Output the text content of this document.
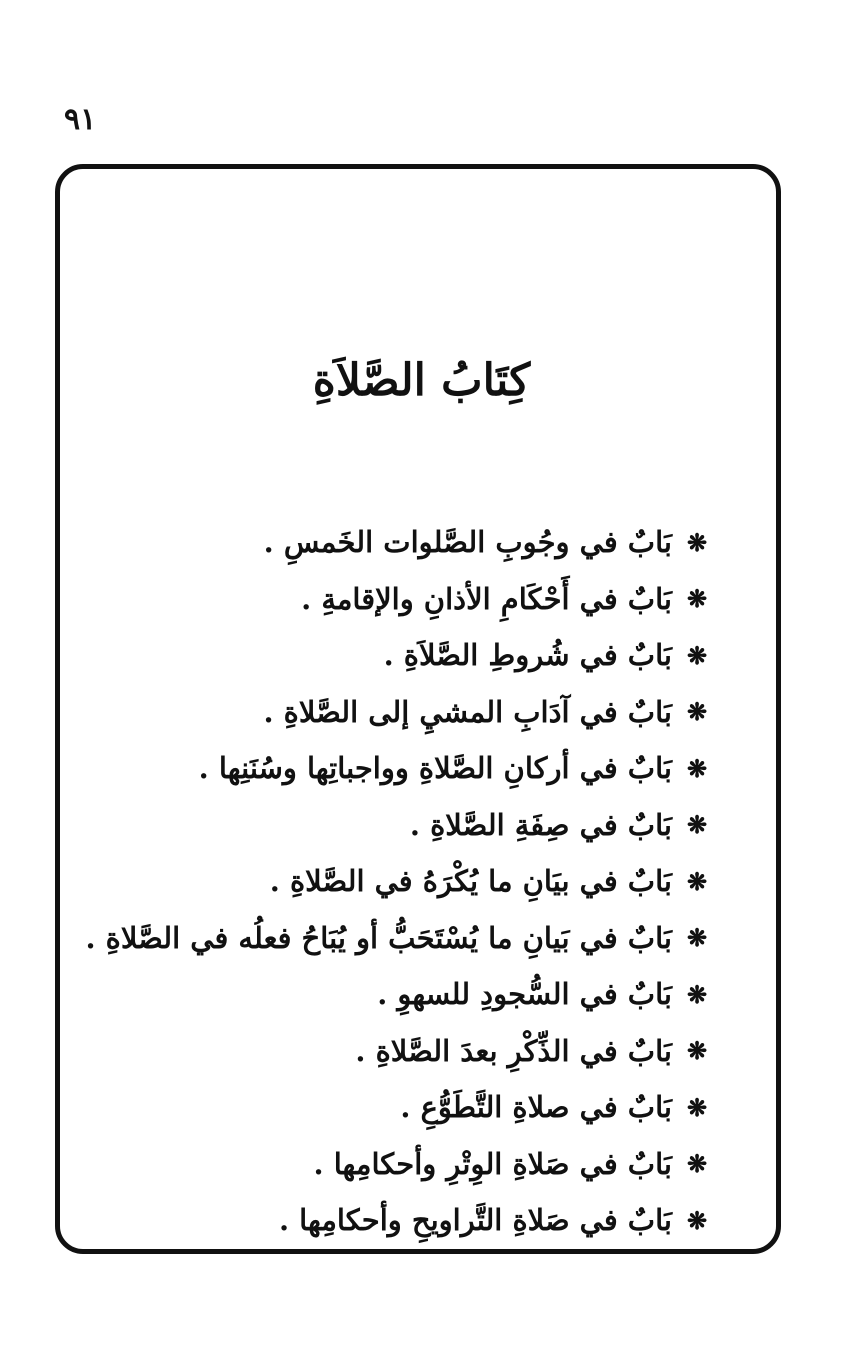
٩١
كِتَابُ الصَّلاَةِ
❋
بَابٌ في وجُوبِ الصَّلوات الخَمسِ .
❋
بَابٌ في أَحْكَامِ الأذانِ والإقامةِ .
❋
بَابٌ في شُروطِ الصَّلاَةِ .
❋
بَابٌ في آدَابِ المشيِ إلى الصَّلاةِ .
❋
بَابٌ في أركانِ الصَّلاةِ وواجباتِها وسُنَنِها .
❋
بَابٌ في صِفَةِ الصَّلاةِ .
❋
بَابٌ في بيَانِ ما يُكْرَهُ في الصَّلاةِ .
❋
بَابٌ في بَيانِ ما يُسْتَحَبُّ أو يُبَاحُ فعلُه في الصَّلاةِ .
❋
بَابٌ في السُّجودِ للسهوِ .
❋
بَابٌ في الذِّكْرِ بعدَ الصَّلاةِ .
❋
بَابٌ في صلاةِ التَّطَوُّعِ .
❋
بَابٌ في صَلاةِ الوِتْرِ وأحكامِها .
❋
بَابٌ في صَلاةِ التَّراويحِ وأحكامِها .
